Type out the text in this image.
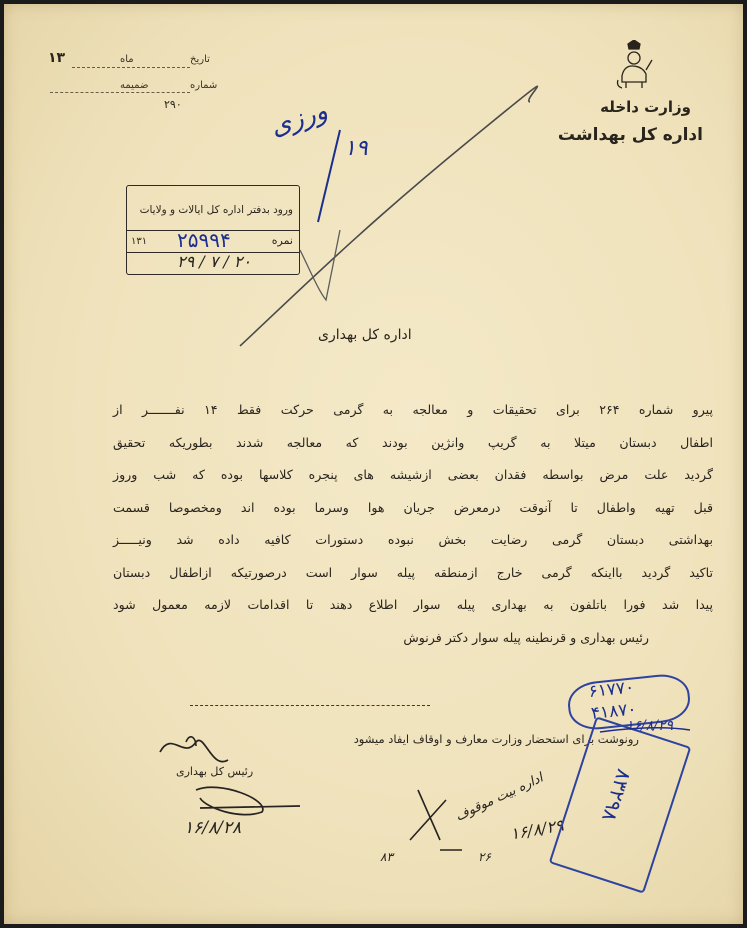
وزارت داخله
اداره کل بهداشت
تاریخ
ماه
۱۳
شماره
ضمیمه
۲۹۰
ورود بدفتر اداره کل ایالات و ولایات
نمره
۲۵۹۹۴
۱۳۱
۲۹ / ۷ / ۲۰
۱۹
ورزی
اداره کل بهداری
پیرو شماره ۲۶۴ برای تحقیقات و معالجه به گرمی حرکت فقط ۱۴ نفـــــــر از
اطفال دبستان میتلا به گریپ وانژین بودند که معالجه شدند بطوریکه تحقیق
گردید علت مرض بواسطه فقدان بعضی ازشیشه های پنجره کلاسها بوده که شب وروز
قبل تهیه واطفال تا آنوقت درمعرض جریان هوا وسرما بوده اند ومخصوصا قسمت
بهداشتی دبستان گرمی رضایت بخش نبوده دستورات کافیه داده شد ونیـــــز
تاکید گردید بااینکه گرمی خارج ازمنطقه پیله سوار است درصورتیکه ازاطفال دبستان
پیدا شد فورا باتلفون به بهداری پیله سوار اطلاع دهند تا اقدامات لازمه معمول شود
رئیس بهداری و قرنطینه پیله سوار دکتر فرنوش
رونوشت برای استحضار وزارت معارف و اوقاف ایفاد میشود
رئیس کل بهداری
۱۶/۸/۲۸
۸۳	۲۶
۱۶/۸/۲۹
اداره بیت موقوف
۶۱۷۷۰
۴۱۸۷۰
۱۶/۸/۲۹
۸۳۲۹۸
